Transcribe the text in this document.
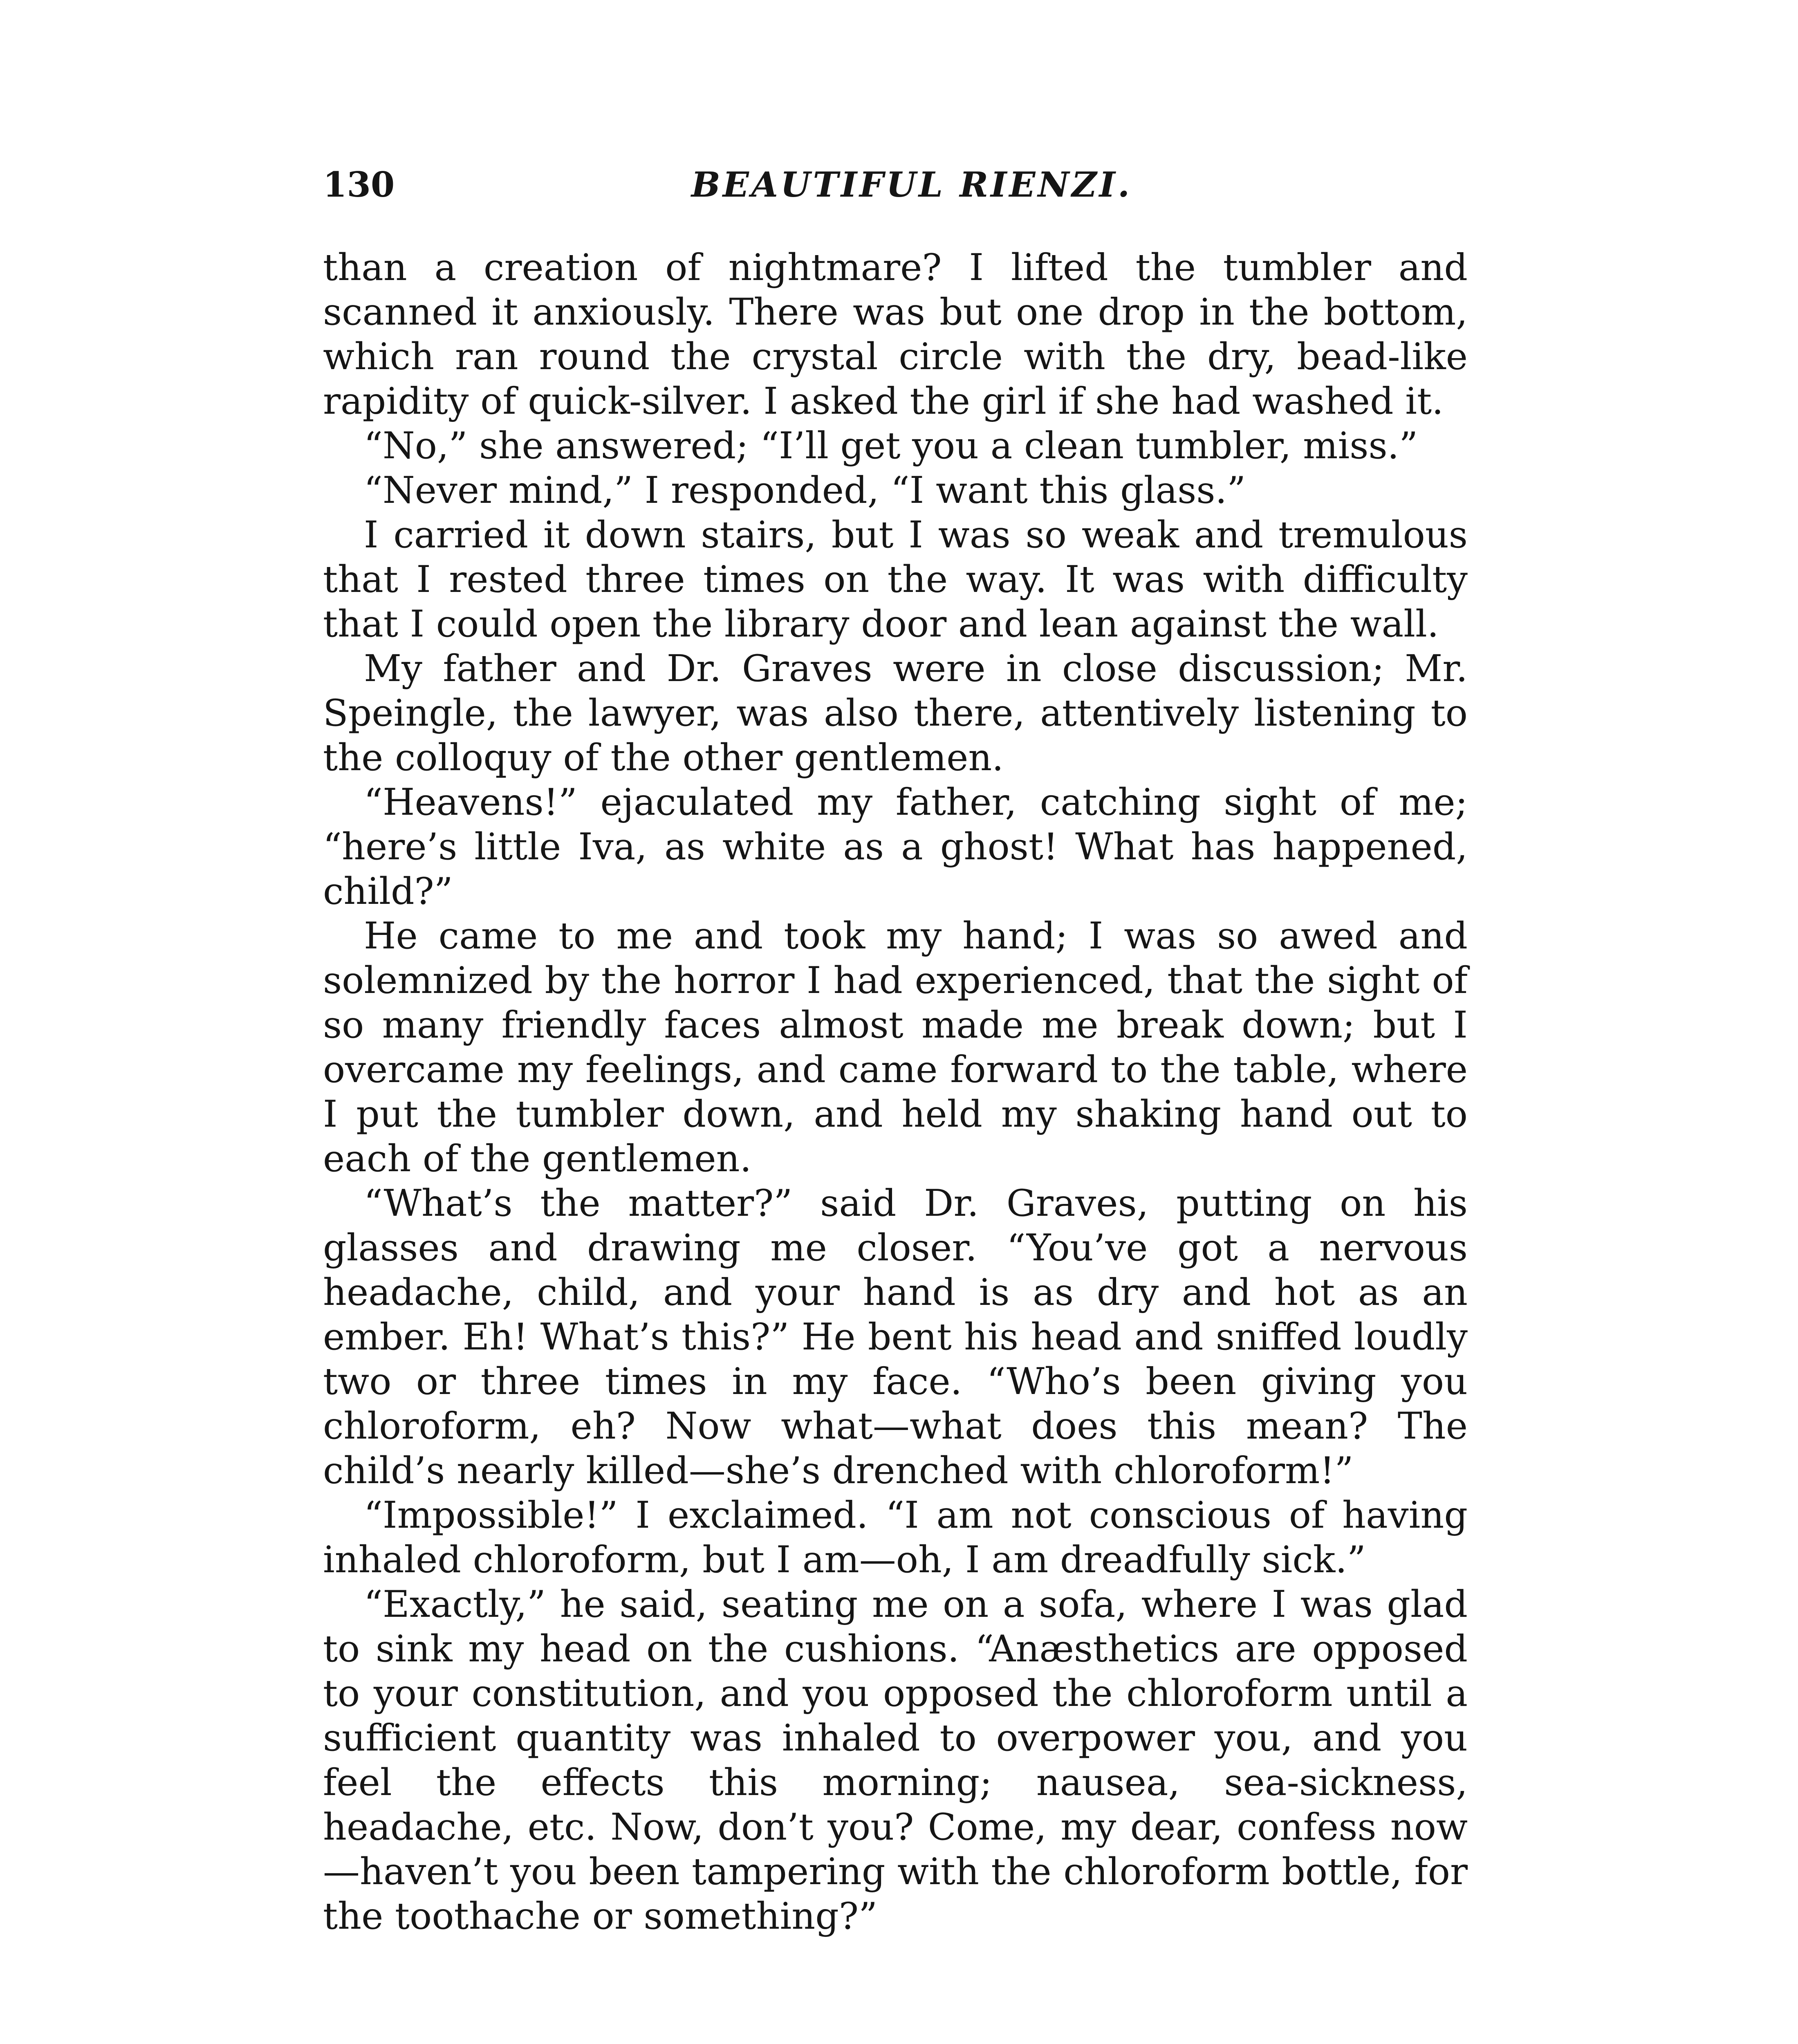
130	BEAUTIFUL RIENZI.

than a creation of nightmare? I lifted the tumbler and scanned it anxiously. There was but one drop in the bottom, which ran round the crystal circle with the dry, bead-like rapidity of quick-silver. I asked the girl if she had washed it.

“No,” she answered; “I’ll get you a clean tumbler, miss.”

“Never mind,” I responded, “I want this glass.”

I carried it down stairs, but I was so weak and tremulous that I rested three times on the way. It was with difficulty that I could open the library door and lean against the wall.

My father and Dr. Graves were in close discussion; Mr. Speingle, the lawyer, was also there, attentively listening to the colloquy of the other gentlemen.

“Heavens!” ejaculated my father, catching sight of me; “here’s little Iva, as white as a ghost! What has happened, child?”

He came to me and took my hand; I was so awed and solemnized by the horror I had experienced, that the sight of so many friendly faces almost made me break down; but I overcame my feelings, and came forward to the table, where I put the tumbler down, and held my shaking hand out to each of the gentlemen.

“What’s the matter?” said Dr. Graves, putting on his glasses and drawing me closer. “You’ve got a nervous headache, child, and your hand is as dry and hot as an ember. Eh! What’s this?” He bent his head and sniffed loudly two or three times in my face. “Who’s been giving you chloroform, eh? Now what—what does this mean? The child’s nearly killed—she’s drenched with chloroform!”

“Impossible!” I exclaimed. “I am not conscious of having inhaled chloroform, but I am—oh, I am dreadfully sick.”

“Exactly,” he said, seating me on a sofa, where I was glad to sink my head on the cushions. “Anæsthetics are opposed to your constitution, and you opposed the chloroform until a sufficient quantity was inhaled to overpower you, and you feel the effects this morning; nausea, sea-sickness, headache, etc. Now, don’t you? Come, my dear, confess now—haven’t you been tampering with the chloroform bottle, for the toothache or something?”
